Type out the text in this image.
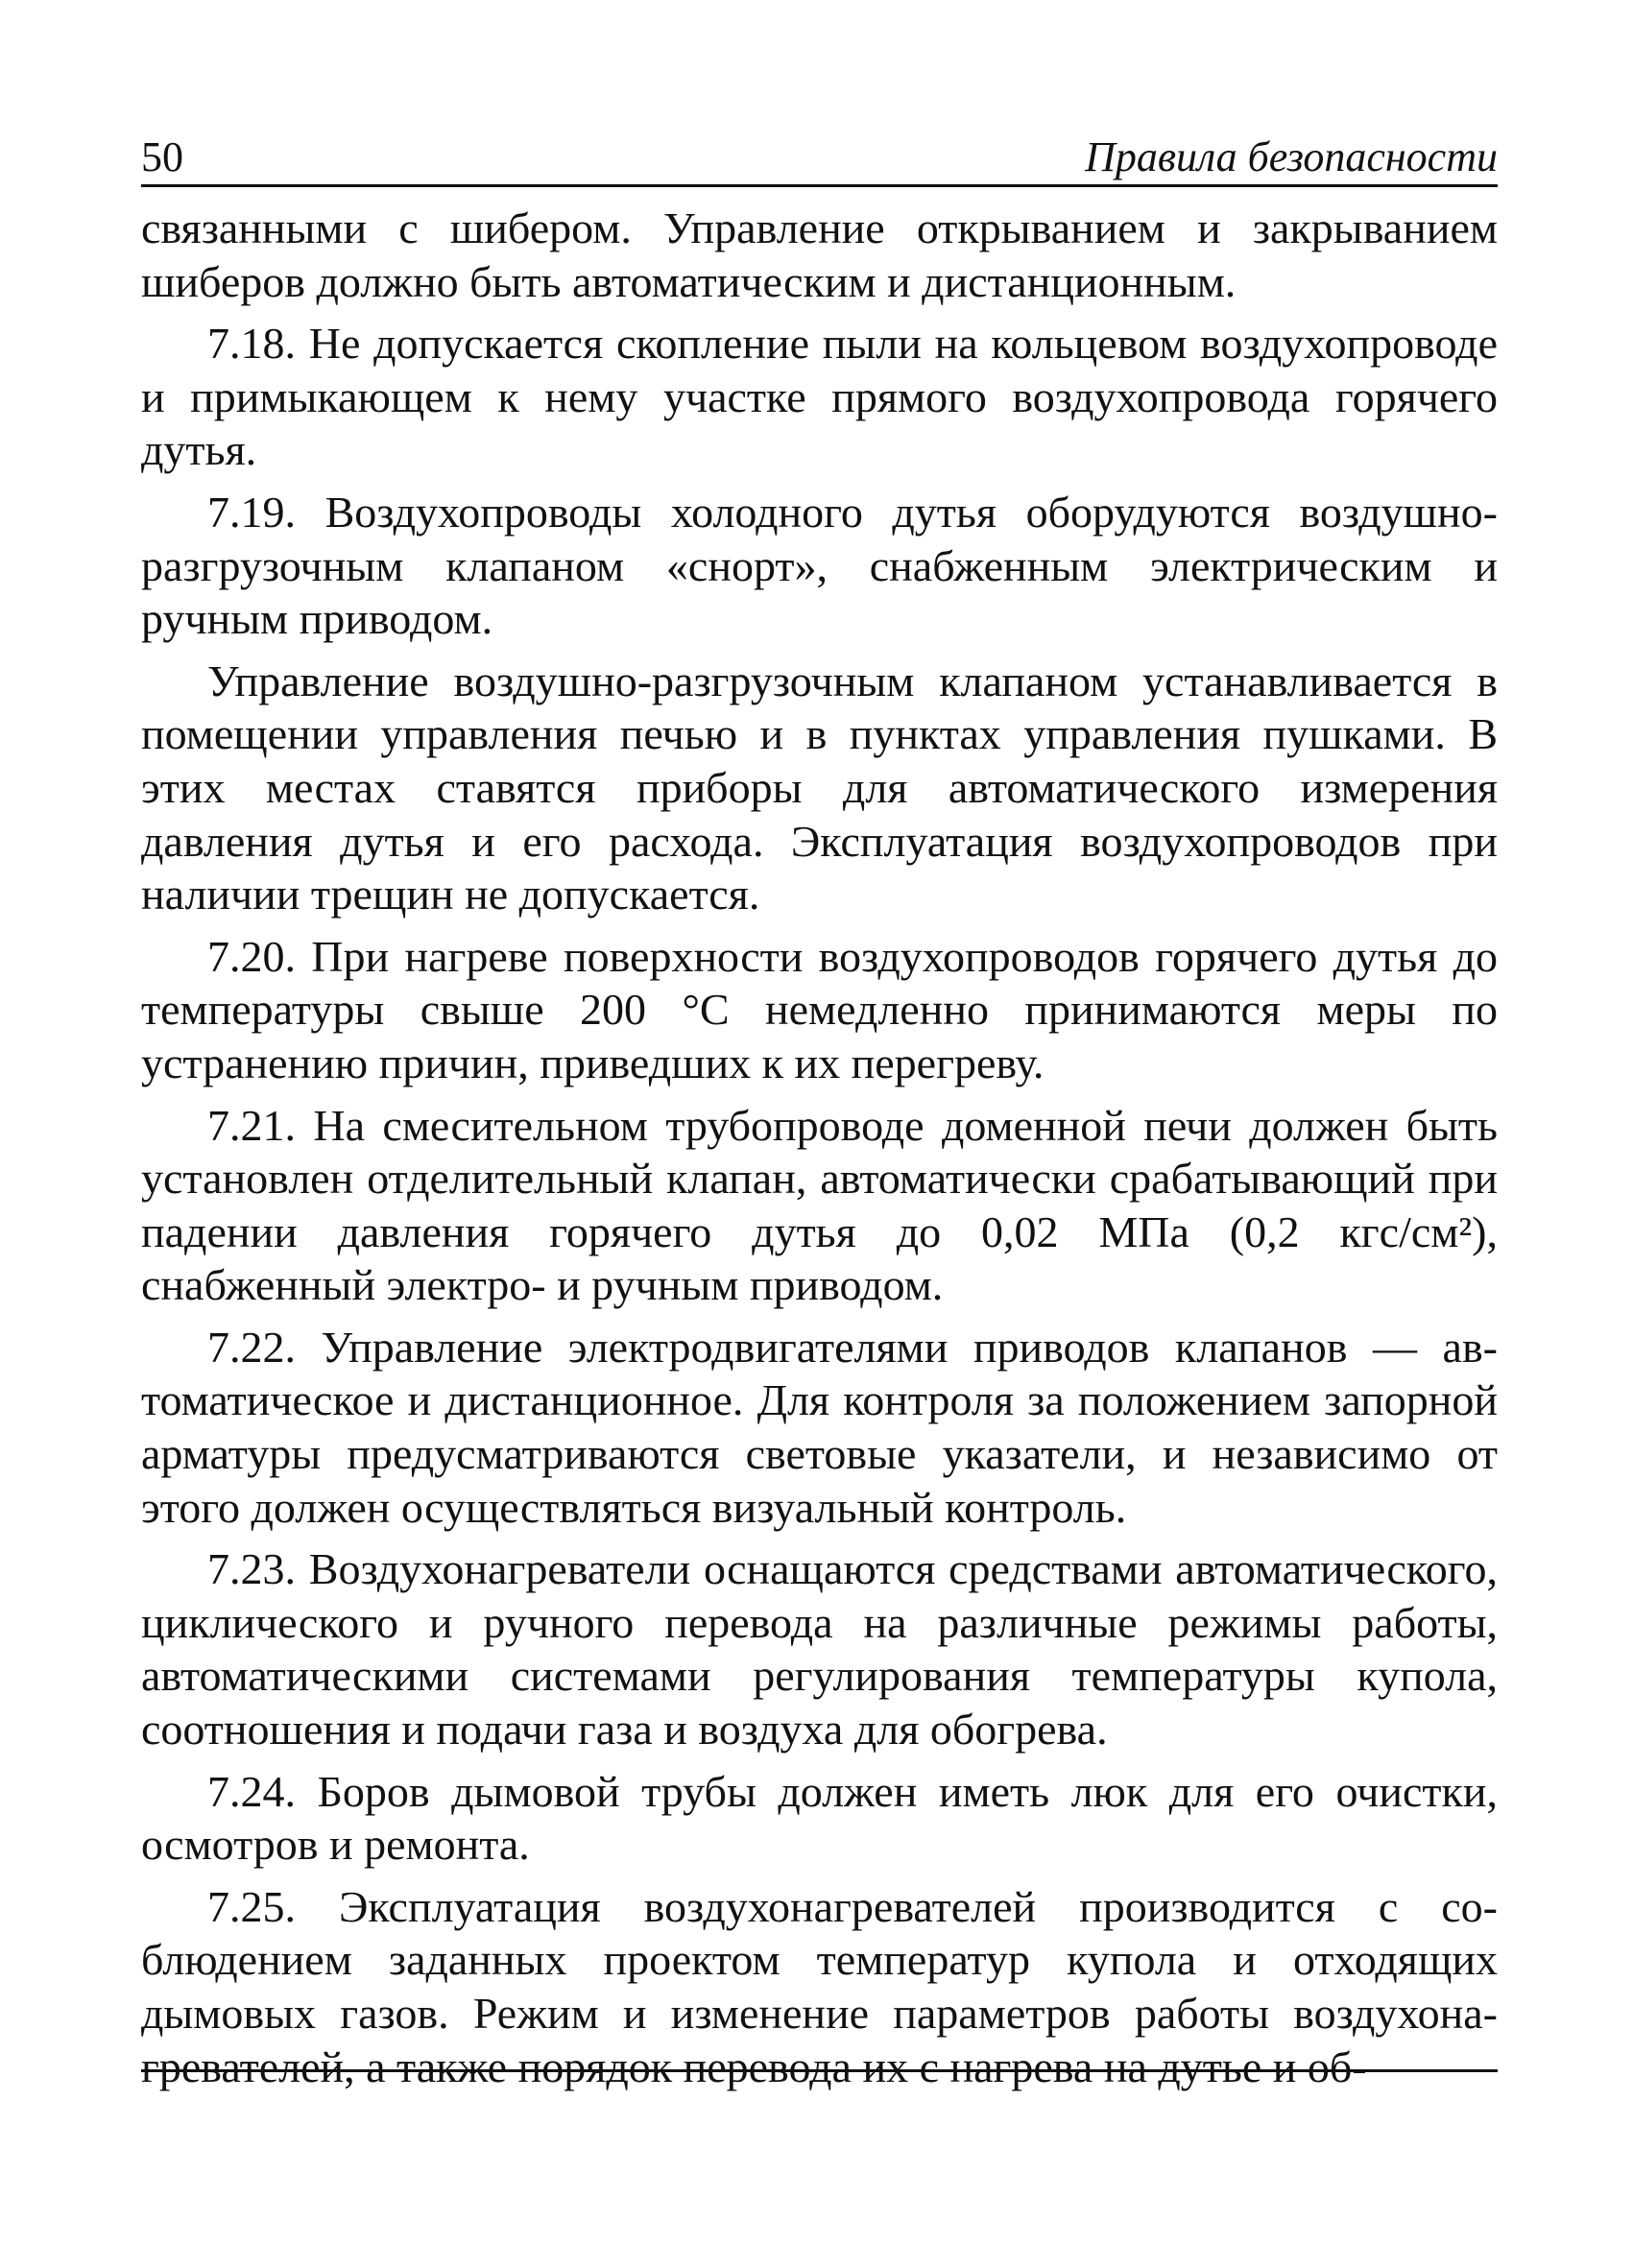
50	Правила безопасности

связанными с шибером. Управление открыванием и закрыванием шиберов должно быть автоматическим и дистанционным.

7.18. Не допускается скопление пыли на кольцевом воздухопроводе и примыкающем к нему участке прямого воздухопровода горячего дутья.

7.19. Воздухопроводы холодного дутья оборудуются воздушно-разгрузочным клапаном «снорт», снабженным электрическим и ручным приводом.

Управление воздушно-разгрузочным клапаном устанавливается в помещении управления печью и в пунктах управления пушками. В этих местах ставятся приборы для автоматического измерения давления дутья и его расхода. Эксплуатация воздухопроводов при наличии трещин не допускается.

7.20. При нагреве поверхности воздухопроводов горячего дутья до температуры свыше 200 °С немедленно принимаются меры по устранению причин, приведших к их перегреву.

7.21. На смесительном трубопроводе доменной печи должен быть установлен отделительный клапан, автоматически срабатывающий при падении давления горячего дутья до 0,02 МПа (0,2 кгс/см²), снабженный электро- и ручным приводом.

7.22. Управление электродвигателями приводов клапанов — автоматическое и дистанционное. Для контроля за положением запорной арматуры предусматриваются световые указатели, и независимо от этого должен осуществляться визуальный контроль.

7.23. Воздухонагреватели оснащаются средствами автоматического, циклического и ручного перевода на различные режимы работы, автоматическими системами регулирования температуры купола, соотношения и подачи газа и воздуха для обогрева.

7.24. Боров дымовой трубы должен иметь люк для его очистки, осмотров и ремонта.

7.25. Эксплуатация воздухонагревателей производится с соблюдением заданных проектом температур купола и отходящих дымовых газов. Режим и изменение параметров работы воздухонагревателей, а также порядок перевода их с нагрева на дутье и об-
